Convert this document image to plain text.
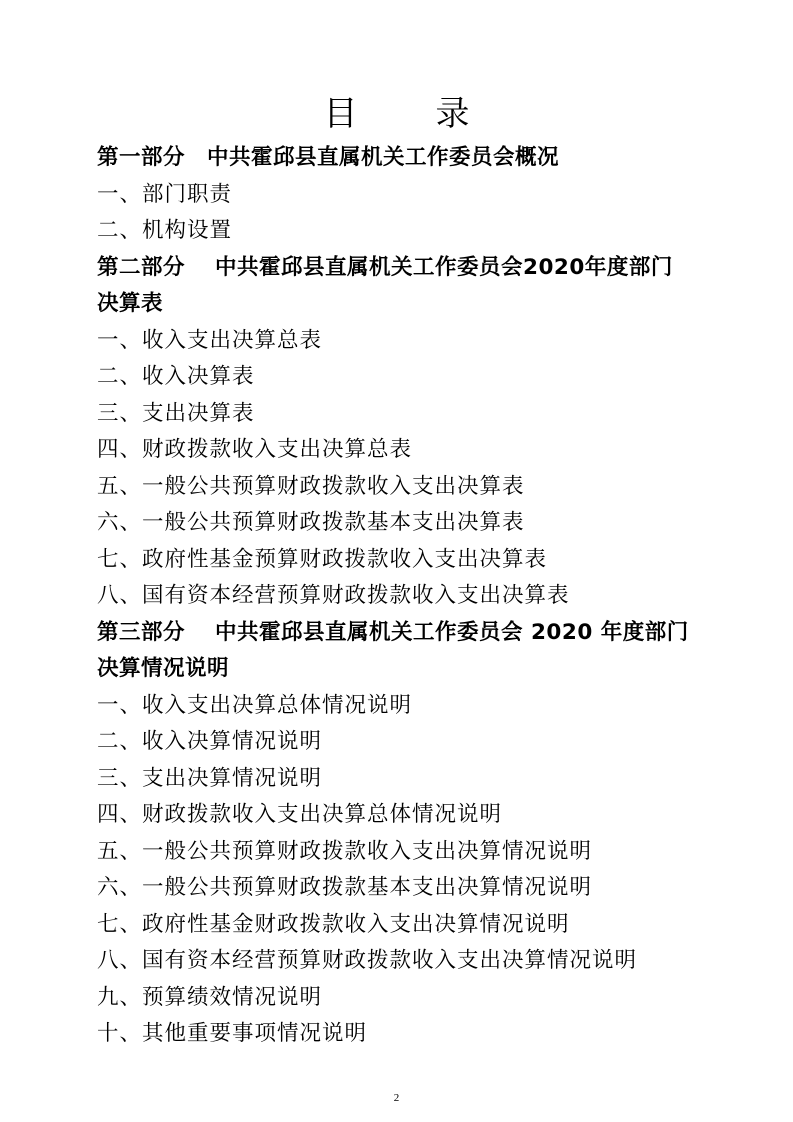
目　录
第一部分　中共霍邱县直属机关工作委员会概况
一、部门职责
二、机构设置
第二部分　 中共霍邱县直属机关工作委员会2020年度部门
决算表
一、收入支出决算总表
二、收入决算表
三、支出决算表
四、财政拨款收入支出决算总表
五、一般公共预算财政拨款收入支出决算表
六、一般公共预算财政拨款基本支出决算表
七、政府性基金预算财政拨款收入支出决算表
八、国有资本经营预算财政拨款收入支出决算表
第三部分　 中共霍邱县直属机关工作委员会 2020 年度部门
决算情况说明
一、收入支出决算总体情况说明
二、收入决算情况说明
三、支出决算情况说明
四、财政拨款收入支出决算总体情况说明
五、一般公共预算财政拨款收入支出决算情况说明
六、一般公共预算财政拨款基本支出决算情况说明
七、政府性基金财政拨款收入支出决算情况说明
八、国有资本经营预算财政拨款收入支出决算情况说明
九、预算绩效情况说明
十、其他重要事项情况说明
2
